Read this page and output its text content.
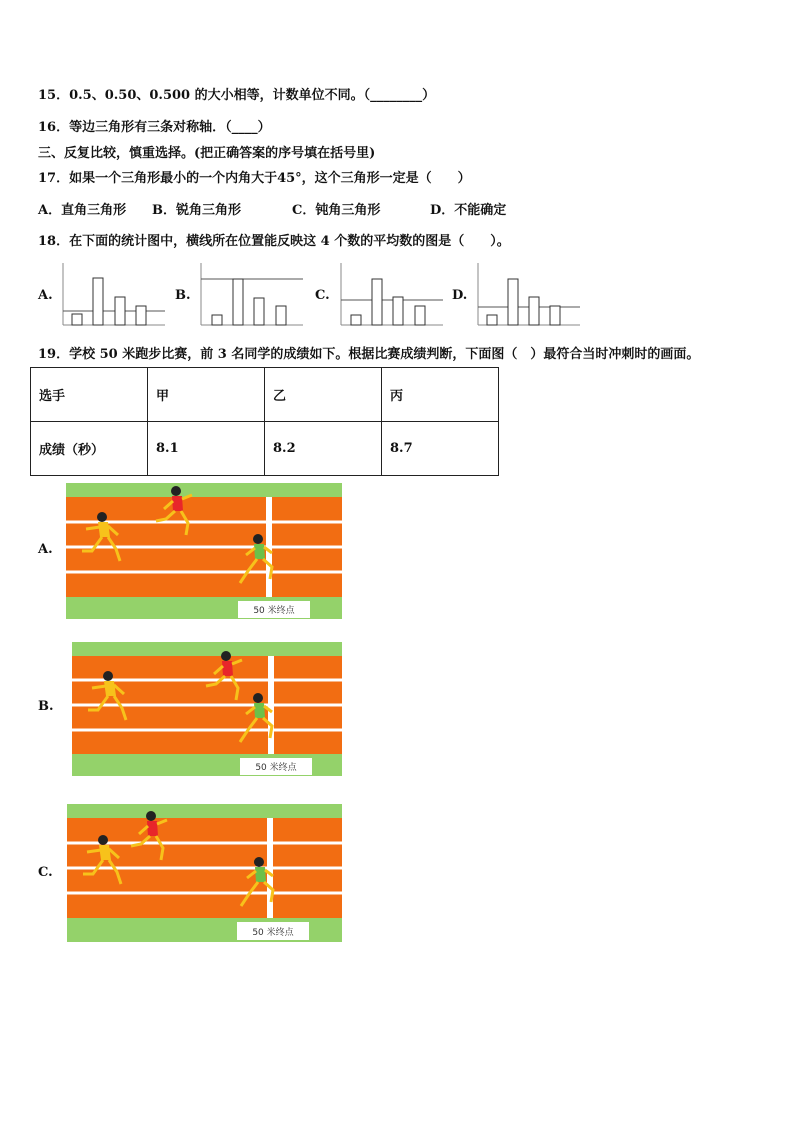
15．0.5、0.50、0.500 的大小相等，计数单位不同。（________）
16．等边三角形有三条对称轴．（____）
三、反复比较，慎重选择。(把正确答案的序号填在括号里)
17．如果一个三角形最小的一个内角大于45°，这个三角形一定是（　　）
A．直角三角形	B．锐角三角形	C．钝角三角形	D．不能确定
18．在下面的统计图中，横线所在位置能反映这 4 个数的平均数的图是（　　）。
A.	B.	C.	D.
19．学校 50 米跑步比赛，前 3 名同学的成绩如下。根据比赛成绩判断，下面图（　）最符合当时冲刺时的画面。
选手	甲	乙	丙
成绩（秒）	8.1	8.2	8.7
A.
50 米终点
B.
50 米终点
C.
50 米终点
